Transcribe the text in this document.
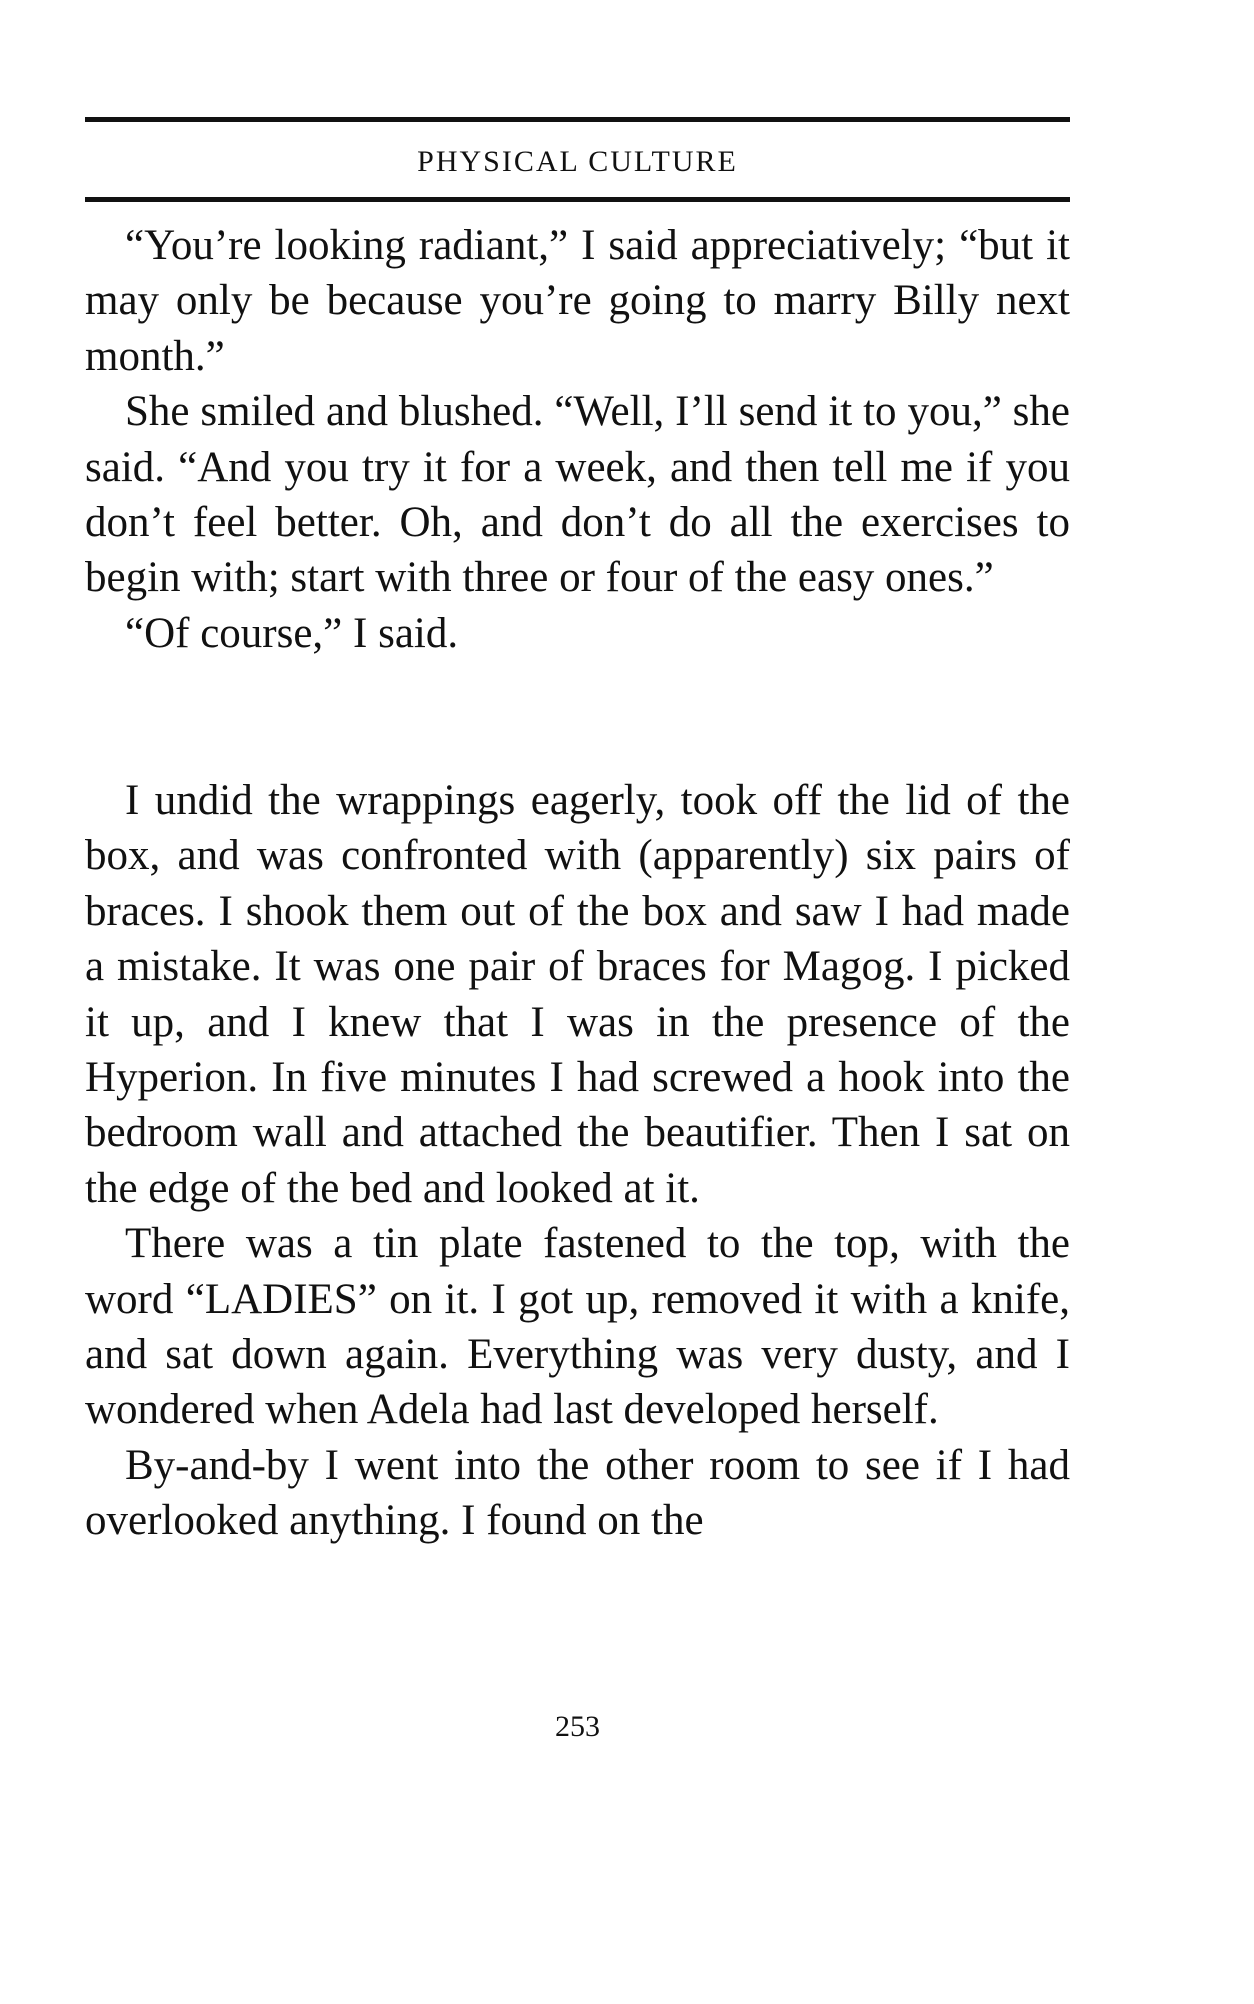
PHYSICAL CULTURE

“You’re looking radiant,” I said appreciatively; “but it may only be because you’re going to marry Billy next month.”

She smiled and blushed. “Well, I’ll send it to you,” she said. “And you try it for a week, and then tell me if you don’t feel better. Oh, and don’t do all the exercises to begin with; start with three or four of the easy ones.”

“Of course,” I said.

I undid the wrappings eagerly, took off the lid of the box, and was confronted with (apparently) six pairs of braces. I shook them out of the box and saw I had made a mistake. It was one pair of braces for Magog. I picked it up, and I knew that I was in the presence of the Hyperion. In five minutes I had screwed a hook into the bedroom wall and attached the beautifier. Then I sat on the edge of the bed and looked at it.

There was a tin plate fastened to the top, with the word “LADIES” on it. I got up, removed it with a knife, and sat down again. Everything was very dusty, and I wondered when Adela had last developed herself.

By-and-by I went into the other room to see if I had overlooked anything. I found on the

253
